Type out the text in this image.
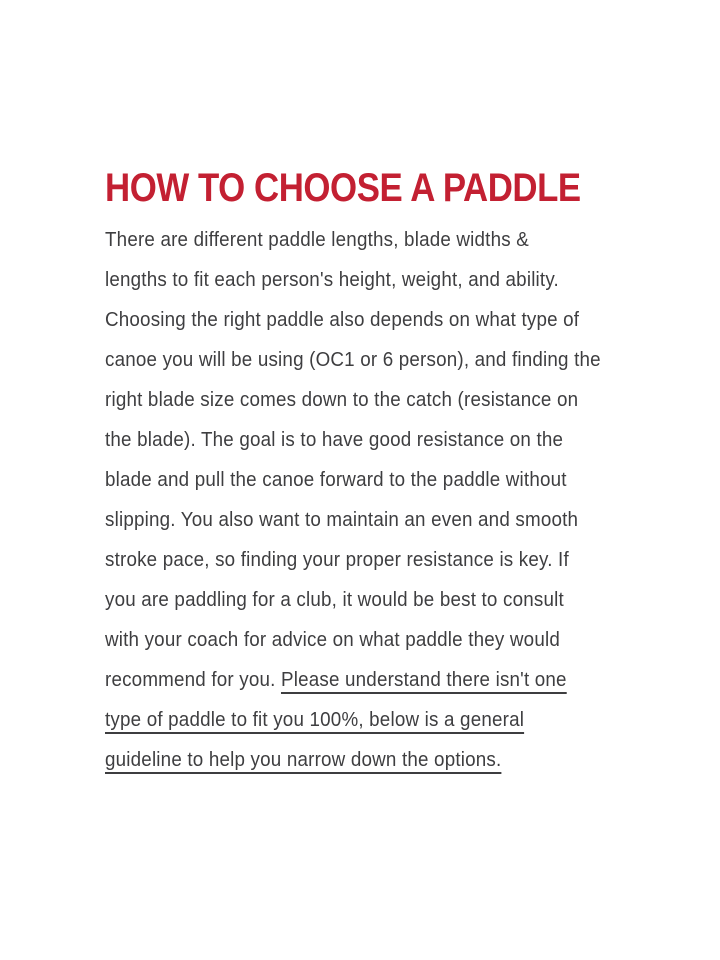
HOW TO CHOOSE A PADDLE
There are different paddle lengths, blade widths &
lengths to fit each person's height, weight, and ability.
Choosing the right paddle also depends on what type of
canoe you will be using (OC1 or 6 person), and finding the
right blade size comes down to the catch (resistance on
the blade). The goal is to have good resistance on the
blade and pull the canoe forward to the paddle without
slipping. You also want to maintain an even and smooth
stroke pace, so finding your proper resistance is key. If
you are paddling for a club, it would be best to consult
with your coach for advice on what paddle they would
recommend for you. Please understand there isn't one
type of paddle to fit you 100%, below is a general
guideline to help you narrow down the options.
